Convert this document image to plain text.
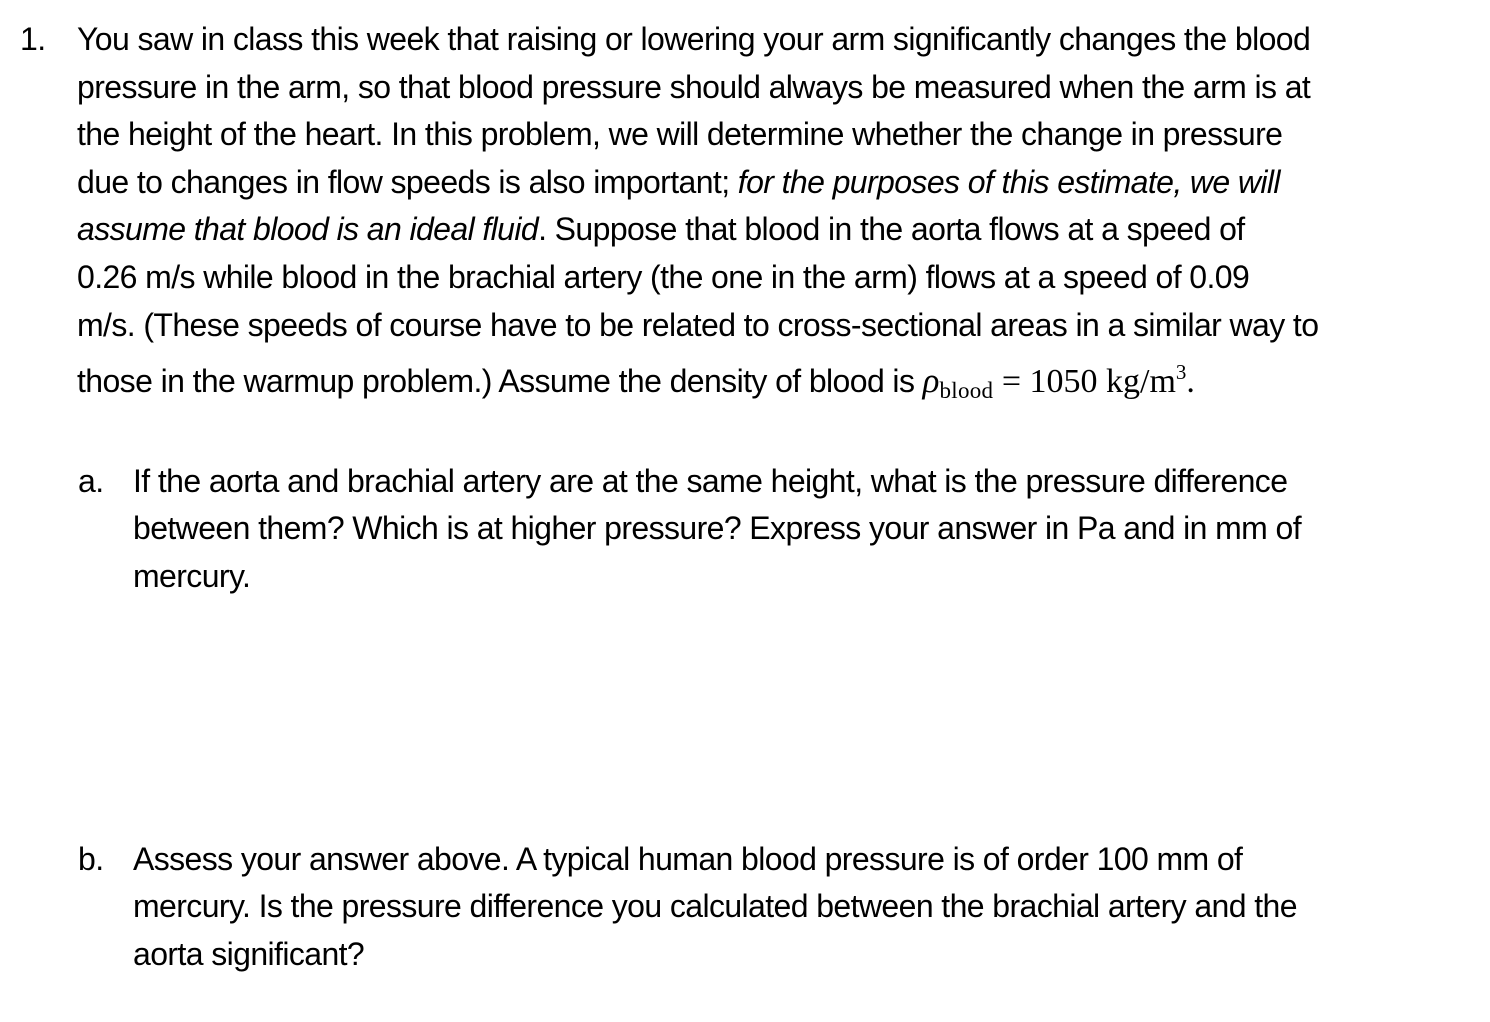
1. You saw in class this week that raising or lowering your arm significantly changes the blood
pressure in the arm, so that blood pressure should always be measured when the arm is at
the height of the heart. In this problem, we will determine whether the change in pressure
due to changes in flow speeds is also important; for the purposes of this estimate, we will
assume that blood is an ideal fluid. Suppose that blood in the aorta flows at a speed of
0.26 m/s while blood in the brachial artery (the one in the arm) flows at a speed of 0.09
m/s. (These speeds of course have to be related to cross-sectional areas in a similar way to
those in the warmup problem.) Assume the density of blood is ρblood = 1050 $kg/m^3$.
a. If the aorta and brachial artery are at the same height, what is the pressure difference
between them? Which is at higher pressure? Express your answer in Pa and in mm of
mercury.
b. Assess your answer above. A typical human blood pressure is of order 100 mm of
mercury. Is the pressure difference you calculated between the brachial artery and the
aorta significant?
